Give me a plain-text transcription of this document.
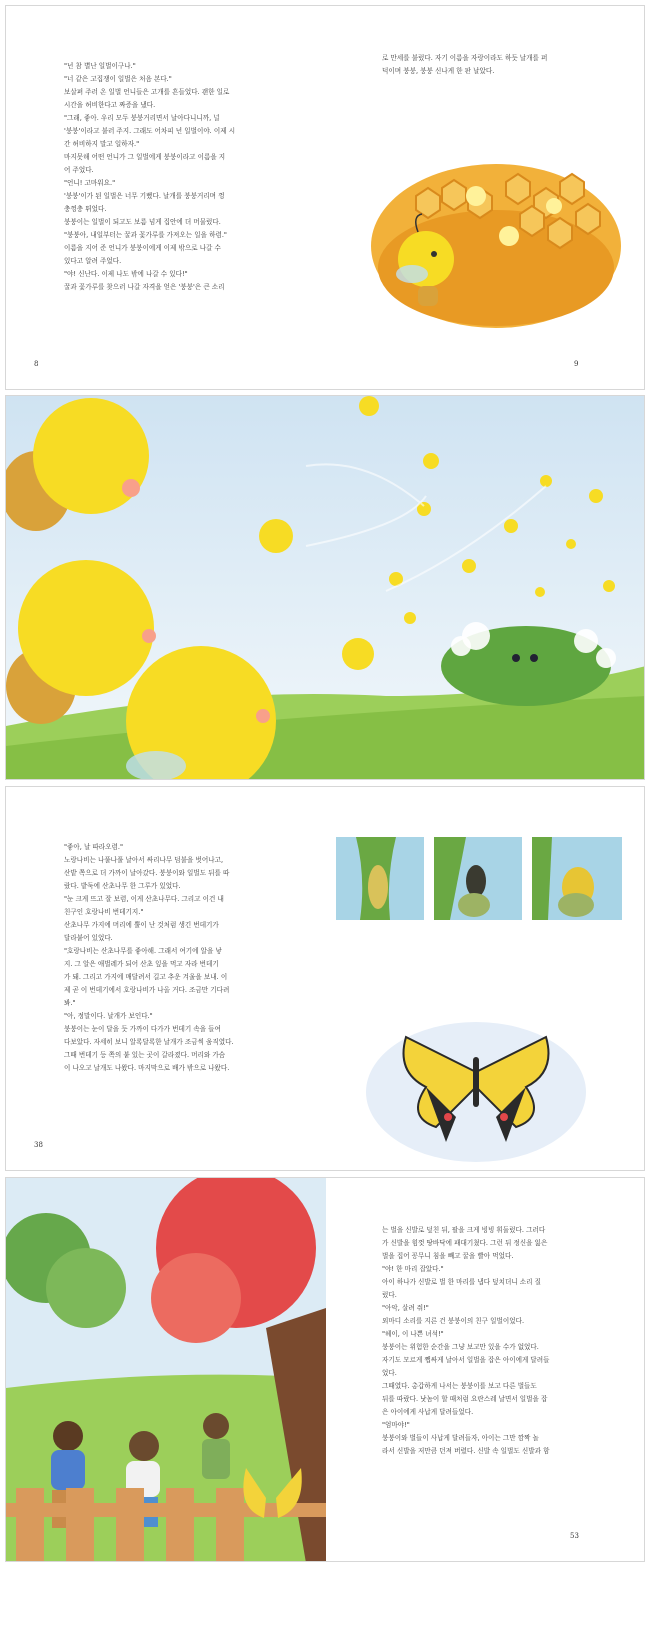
"넌 참 별난 일벌이구나."

"너 같은 고집쟁이 일벌은 처음 본다."

보살펴 주러 온 일벌 언니들은 고개를 흔들었다. 괜한 일로

시간을 허비한다고 짜증을 냈다.

"그래, 좋아. 우리 모두 붕붕거리면서 날아다니니까, 널

'붕붕'이라고 불러 주지. 그래도 어차피 넌 일벌이야. 이제 시

간 허비하지 말고 일하자."

마지못해 어떤 언니가 그 일벌에게 붕붕이라고 이름을 지

어 주었다.

"언니! 고마워요."

'붕붕'이가 된 일벌은 너무 기뻤다. 날개를 붕붕거리며 껑

충껑충 뛰었다.

붕붕이는 일벌이 되고도 보름 넘게 집안에 더 머물렀다.

"붕붕아, 내일부터는 꿀과 꽃가루를 가져오는 일을 하렴."

이름을 지어 준 언니가 붕붕이에게 이제 밖으로 나갈 수

있다고 알려 주었다.

"야! 신난다. 이제 나도 밖에 나갈 수 있다!"

꿀과 꽃가루를 찾으러 나갈 자격을 얻은 '붕붕'은 큰 소리

8

로 만세를 불렀다. 자기 이름을 자랑이라도 하듯 날개를 퍼

덕이며 붕붕, 붕붕 신나게 한 판 날았다.

9

"좋아, 날 따라오렴."

노랑나비는 나풀나풀 날아서 싸리나무 덤불을 벗어나고,

산밭 쪽으로 더 가까이 날아갔다. 붕붕이와 일벌도 뒤를 따

랐다. 밭둑에 산초나무 한 그루가 있었다.

"눈 크게 뜨고 잘 보렴, 이게 산초나무다. 그리고 이건 내

친구인 호랑나비 번데기지."

산초나무 가지에 머리에 뿔이 난 것처럼 생긴 번데기가

달라붙어 있었다.

"호랑나비는 산초나무를 좋아해. 그래서 여기에 알을 낳

지. 그 알은 애벌레가 되어 산초 잎을 먹고 자라 번데기

가 돼. 그리고 가지에 매달려서 길고 추운 겨울을 보내. 이

제 곧 이 번데기에서 호랑나비가 나올 거다. 조금만 기다려

봐."

"아, 정말이다. 날개가 보인다."

붕붕이는 눈이 달을 듯 가까이 다가가 번데기 속을 들여

다보았다. 자세히 보니 알록달록한 날개가 조금씩 움직였다.

그때 번데기 등 쪽의 붙 있는 곳이 갈라졌다. 머리와 가슴

이 나오고 날개도 나왔다. 마지막으로 배가 밖으로 나왔다.

38

는 벌을 신발로 덮친 뒤, 팔을 크게 빙빙 휘둘렀다. 그러다

가 신발을 힘껏 땅바닥에 패대기쳤다. 그런 뒤 정신을 잃은

벌을 집어 꽁무니 침을 빼고 꿀을 빨아 먹었다.

"야! 한 마리 잡았다."

아이 하나가 신발로 벌 한 마리를 냅다 덮치더니 소리 질

렀다.

"아악, 살려 줘!"

외마디 소리를 지른 건 붕붕이의 친구 일벌이었다.

"헤이, 이 나쁜 녀석!"

붕붕이는 위험한 순간을 그냥 보고만 있을 수가 없었다.

자기도 모르게 쨉싸게 날아서 일벌을 잡은 아이에게 달려들

었다.

그때였다. 총갑하게 나서는 붕붕이를 보고 다른 벌들도

뒤를 따랐다. 낫놈이 할 때처럼 요란스레 날면서 일벌을 잡

은 아이에게 사납게 달려들었다.

"엄마야!"

붕붕이와 벌들이 사납게 달려들자, 아이는 그만 깜짝 놀

라서 신발을 저만큼 던져 버렸다. 신발 속 일벌도 신발과 함

53
